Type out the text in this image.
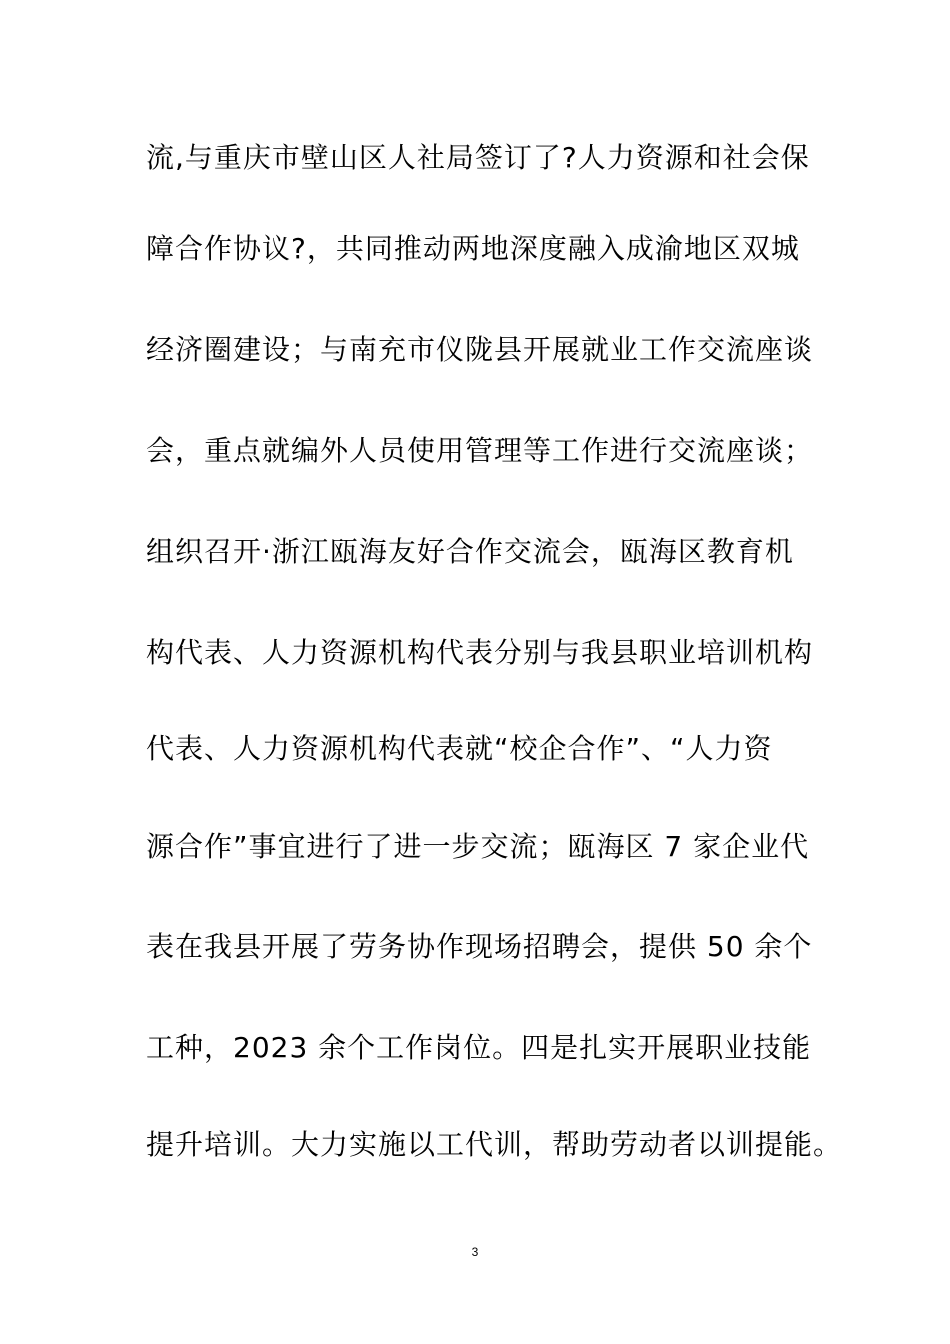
流,与重庆市壁山区人社局签订了?人力资源和社会保
障合作协议?，共同推动两地深度融入成渝地区双城
经济圈建设；与南充市仪陇县开展就业工作交流座谈
会，重点就编外人员使用管理等工作进行交流座谈；
组织召开·浙江瓯海友好合作交流会，瓯海区教育机
构代表、人力资源机构代表分别与我县职业培训机构
代表、人力资源机构代表就“校企合作”、“人力资
源合作”事宜进行了进一步交流；瓯海区 7 家企业代
表在我县开展了劳务协作现场招聘会，提供 50 余个
工种，2023 余个工作岗位。四是扎实开展职业技能
提升培训。大力实施以工代训，帮助劳动者以训提能。
3
